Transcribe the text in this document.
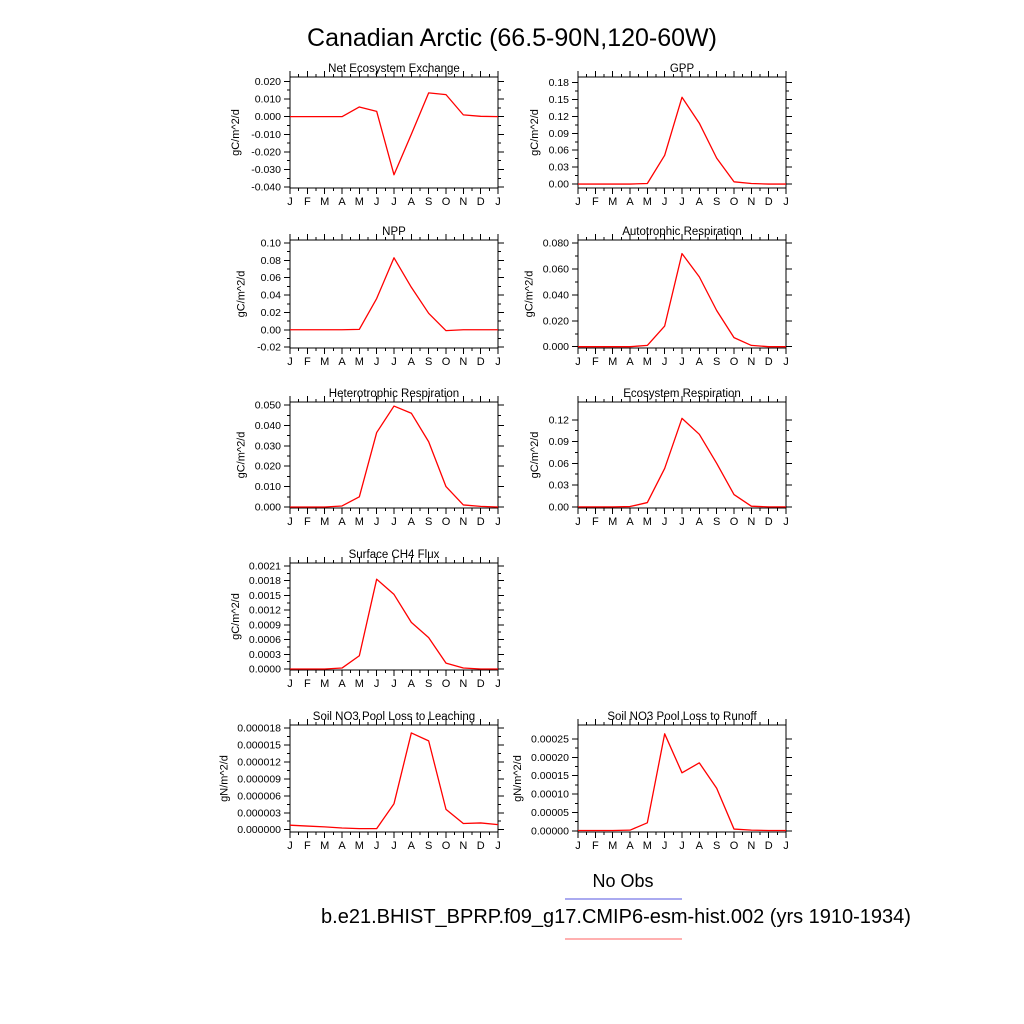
Canadian Arctic (66.5-90N,120-60W)
No Obs
b.e21.BHIST_BPRP.f09_g17.CMIP6-esm-hist.002 (yrs 1910-1934)
J F M A M J J A S O N D J
0.020
0.010
0.000
-0.010
-0.020
-0.030
-0.040
Net Ecosystem Exchange
gC/m^2/d
J F M A M J J A S O N D J
0.18
0.15
0.12
0.09
0.06
0.03
0.00
GPP
gC/m^2/d
J F M A M J J A S O N D J
0.10
0.08
0.06
0.04
0.02
0.00
-0.02
NPP
gC/m^2/d
J F M A M J J A S O N D J
0.080
0.060
0.040
0.020
0.000
Autotrophic Respiration
gC/m^2/d
J F M A M J J A S O N D J
0.050
0.040
0.030
0.020
0.010
0.000
Heterotrophic Respiration
gC/m^2/d
J F M A M J J A S O N D J
0.12
0.09
0.06
0.03
0.00
Ecosystem Respiration
gC/m^2/d
J F M A M J J A S O N D J
0.0021
0.0018
0.0015
0.0012
0.0009
0.0006
0.0003
0.0000
Surface CH4 Flux
gC/m^2/d
J F M A M J J A S O N D J
0.000018
0.000015
0.000012
0.000009
0.000006
0.000003
0.000000
Soil NO3 Pool Loss to Leaching
gN/m^2/d
J F M A M J J A S O N D J
0.00025
0.00020
0.00015
0.00010
0.00005
0.00000
Soil NO3 Pool Loss to Runoff
gN/m^2/d
